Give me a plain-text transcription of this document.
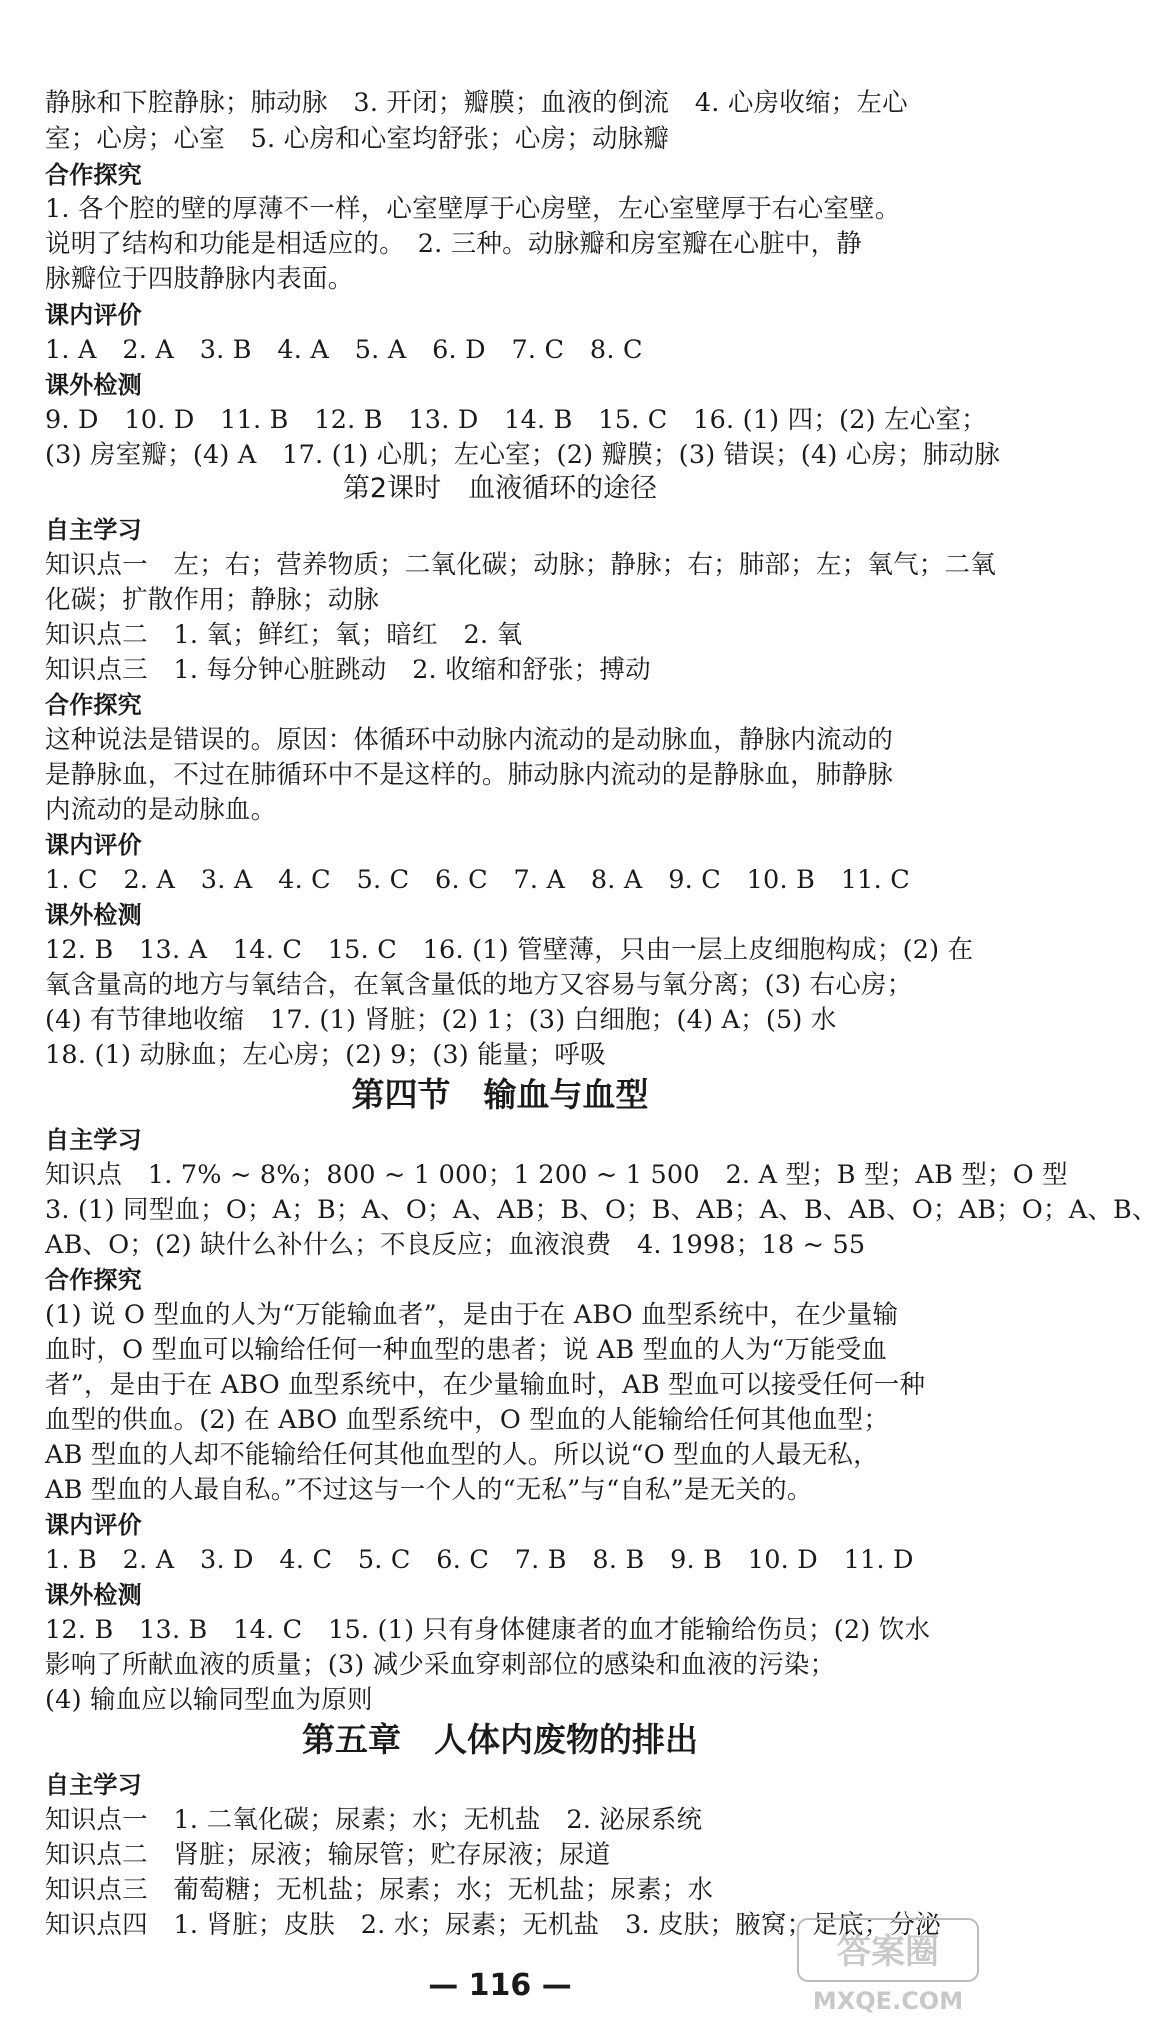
静脉和下腔静脉；肺动脉　3. 开闭；瓣膜；血液的倒流　4. 心房收缩；左心
室；心房；心室　5. 心房和心室均舒张；心房；动脉瓣
合作探究
1. 各个腔的壁的厚薄不一样，心室壁厚于心房壁，左心室壁厚于右心室壁。
说明了结构和功能是相适应的。　2. 三种。动脉瓣和房室瓣在心脏中，静
脉瓣位于四肢静脉内表面。
课内评价
1. A　2. A　3. B　4. A　5. A　6. D　7. C　8. C
课外检测
9. D　10. D　11. B　12. B　13. D　14. B　15. C　16. (1) 四；(2) 左心室；
(3) 房室瓣；(4) A　17. (1) 心肌；左心室；(2) 瓣膜；(3) 错误；(4) 心房；肺动脉
第2课时　血液循环的途径
自主学习
知识点一　左；右；营养物质；二氧化碳；动脉；静脉；右；肺部；左；氧气；二氧
化碳；扩散作用；静脉；动脉
知识点二　1. 氧；鲜红；氧；暗红　2. 氧
知识点三　1. 每分钟心脏跳动　2. 收缩和舒张；搏动
合作探究
这种说法是错误的。原因：体循环中动脉内流动的是动脉血，静脉内流动的
是静脉血，不过在肺循环中不是这样的。肺动脉内流动的是静脉血，肺静脉
内流动的是动脉血。
课内评价
1. C　2. A　3. A　4. C　5. C　6. C　7. A　8. A　9. C　10. B　11. C
课外检测
12. B　13. A　14. C　15. C　16. (1) 管壁薄，只由一层上皮细胞构成；(2) 在
氧含量高的地方与氧结合，在氧含量低的地方又容易与氧分离；(3) 右心房；
(4) 有节律地收缩　17. (1) 肾脏；(2) 1；(3) 白细胞；(4) A；(5) 水
18. (1) 动脉血；左心房；(2) 9；(3) 能量；呼吸
第四节　输血与血型
自主学习
知识点　1. 7% ~ 8%；800 ~ 1 000；1 200 ~ 1 500　2. A 型；B 型；AB 型；O 型
3. (1) 同型血；O；A；B；A、O；A、AB；B、O；B、AB；A、B、AB、O；AB；O；A、B、
AB、O；(2) 缺什么补什么；不良反应；血液浪费　4. 1998；18 ~ 55
合作探究
(1) 说 O 型血的人为“万能输血者”，是由于在 ABO 血型系统中，在少量输
血时，O 型血可以输给任何一种血型的患者；说 AB 型血的人为“万能受血
者”，是由于在 ABO 血型系统中，在少量输血时，AB 型血可以接受任何一种
血型的供血。(2) 在 ABO 血型系统中，O 型血的人能输给任何其他血型；
AB 型血的人却不能输给任何其他血型的人。所以说“O 型血的人最无私，
AB 型血的人最自私。”不过这与一个人的“无私”与“自私”是无关的。
课内评价
1. B　2. A　3. D　4. C　5. C　6. C　7. B　8. B　9. B　10. D　11. D
课外检测
12. B　13. B　14. C　15. (1) 只有身体健康者的血才能输给伤员；(2) 饮水
影响了所献血液的质量；(3) 减少采血穿刺部位的感染和血液的污染；
(4) 输血应以输同型血为原则
第五章　人体内废物的排出
自主学习
知识点一　1. 二氧化碳；尿素；水；无机盐　2. 泌尿系统
知识点二　肾脏；尿液；输尿管；贮存尿液；尿道
知识点三　葡萄糖；无机盐；尿素；水；无机盐；尿素；水
知识点四　1. 肾脏；皮肤　2. 水；尿素；无机盐　3. 皮肤；腋窝；足底；分泌
— 116 —
答案圈
MXQE.COM
